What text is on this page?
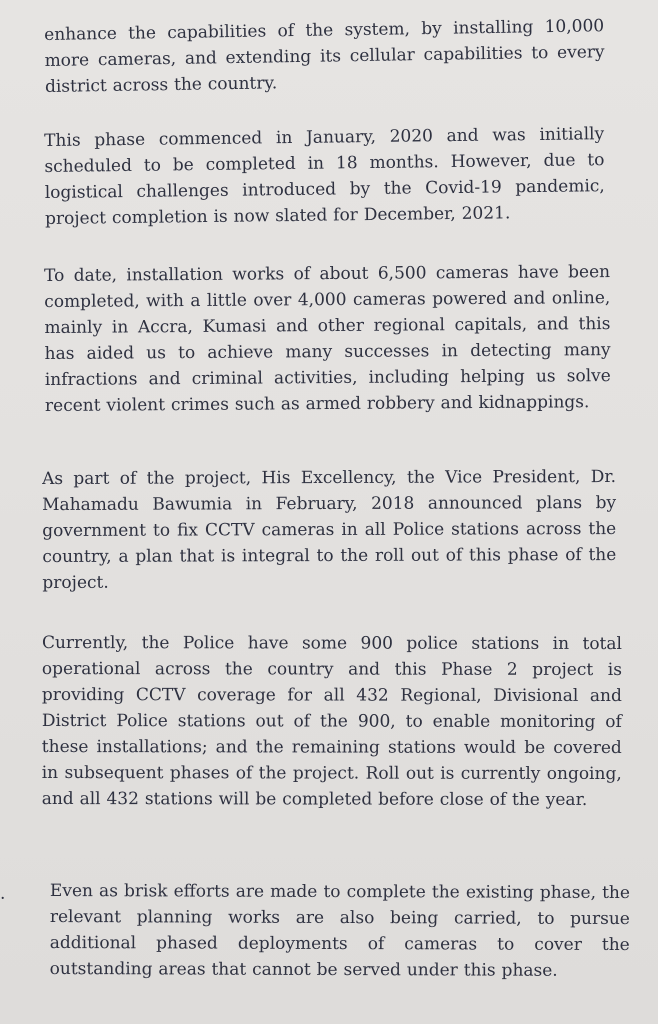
enhance the capabilities of the system, by installing 10,000 more cameras, and extending its cellular capabilities to every district across the country.

This phase commenced in January, 2020 and was initially scheduled to be completed in 18 months. However, due to logistical challenges introduced by the Covid-19 pandemic, project completion is now slated for December, 2021.

To date, installation works of about 6,500 cameras have been completed, with a little over 4,000 cameras powered and online, mainly in Accra, Kumasi and other regional capitals, and this has aided us to achieve many successes in detecting many infractions and criminal activities, including helping us solve recent violent crimes such as armed robbery and kidnappings.

As part of the project, His Excellency, the Vice President, Dr. Mahamadu Bawumia in February, 2018 announced plans by government to fix CCTV cameras in all Police stations across the country, a plan that is integral to the roll out of this phase of the project.

Currently, the Police have some 900 police stations in total operational across the country and this Phase 2 project is providing CCTV coverage for all 432 Regional, Divisional and District Police stations out of the 900, to enable monitoring of these installations; and the remaining stations would be covered in subsequent phases of the project. Roll out is currently ongoing, and all 432 stations will be completed before close of the year.

.	Even as brisk efforts are made to complete the existing phase, the relevant planning works are also being carried, to pursue additional phased deployments of cameras to cover the outstanding areas that cannot be served under this phase.
